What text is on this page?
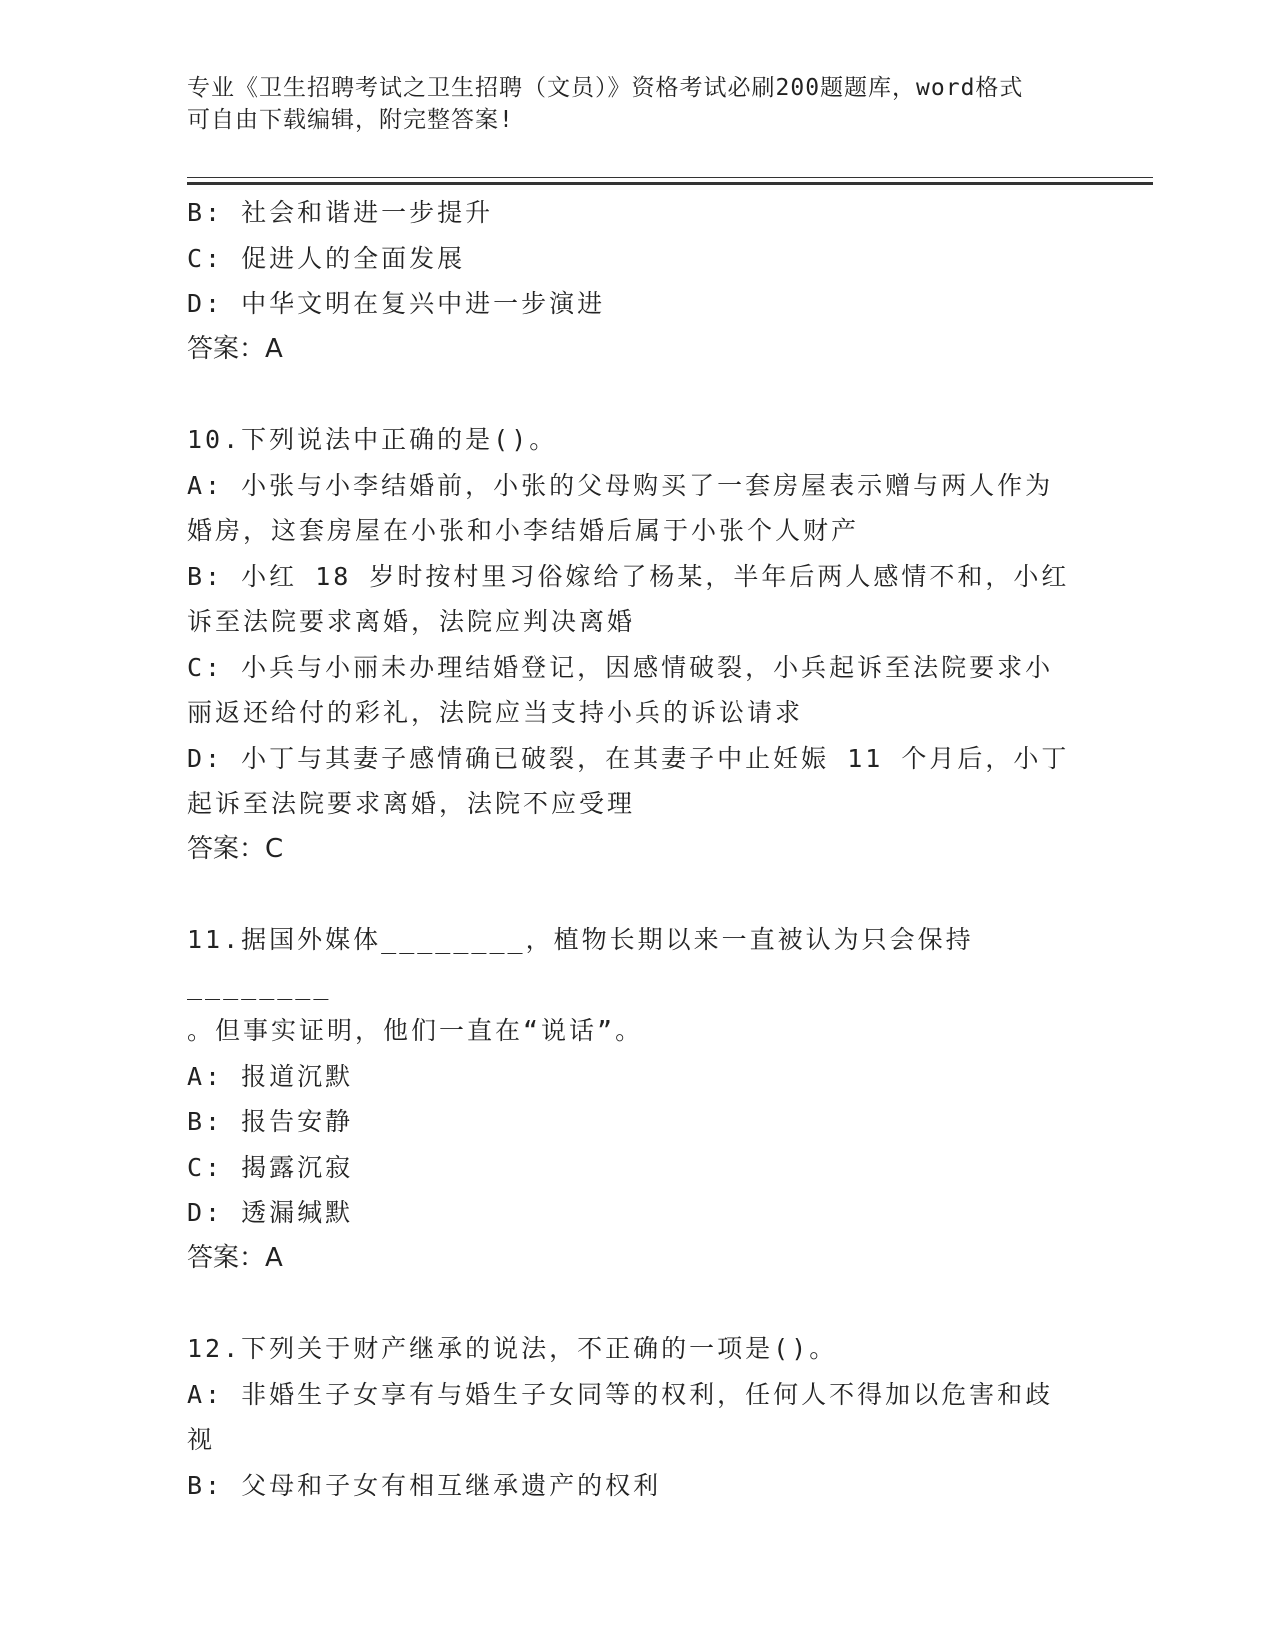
专业《卫生招聘考试之卫生招聘（文员）》资格考试必刷200题题库，word格式
可自由下载编辑，附完整答案!
B: 社会和谐进一步提升
C: 促进人的全面发展
D: 中华文明在复兴中进一步演进
答案：A
10.下列说法中正确的是()。
A: 小张与小李结婚前，小张的父母购买了一套房屋表示赠与两人作为
婚房，这套房屋在小张和小李结婚后属于小张个人财产
B: 小红 18 岁时按村里习俗嫁给了杨某，半年后两人感情不和，小红
诉至法院要求离婚，法院应判决离婚
C: 小兵与小丽未办理结婚登记，因感情破裂，小兵起诉至法院要求小
丽返还给付的彩礼，法院应当支持小兵的诉讼请求
D: 小丁与其妻子感情确已破裂，在其妻子中止妊娠 11 个月后，小丁
起诉至法院要求离婚，法院不应受理
答案：C
11.据国外媒体________，植物长期以来一直被认为只会保持________
。但事实证明，他们一直在“说话”。
A: 报道沉默
B: 报告安静
C: 揭露沉寂
D: 透漏缄默
答案：A
12.下列关于财产继承的说法，不正确的一项是()。
A: 非婚生子女享有与婚生子女同等的权利，任何人不得加以危害和歧
视
B: 父母和子女有相互继承遗产的权利
